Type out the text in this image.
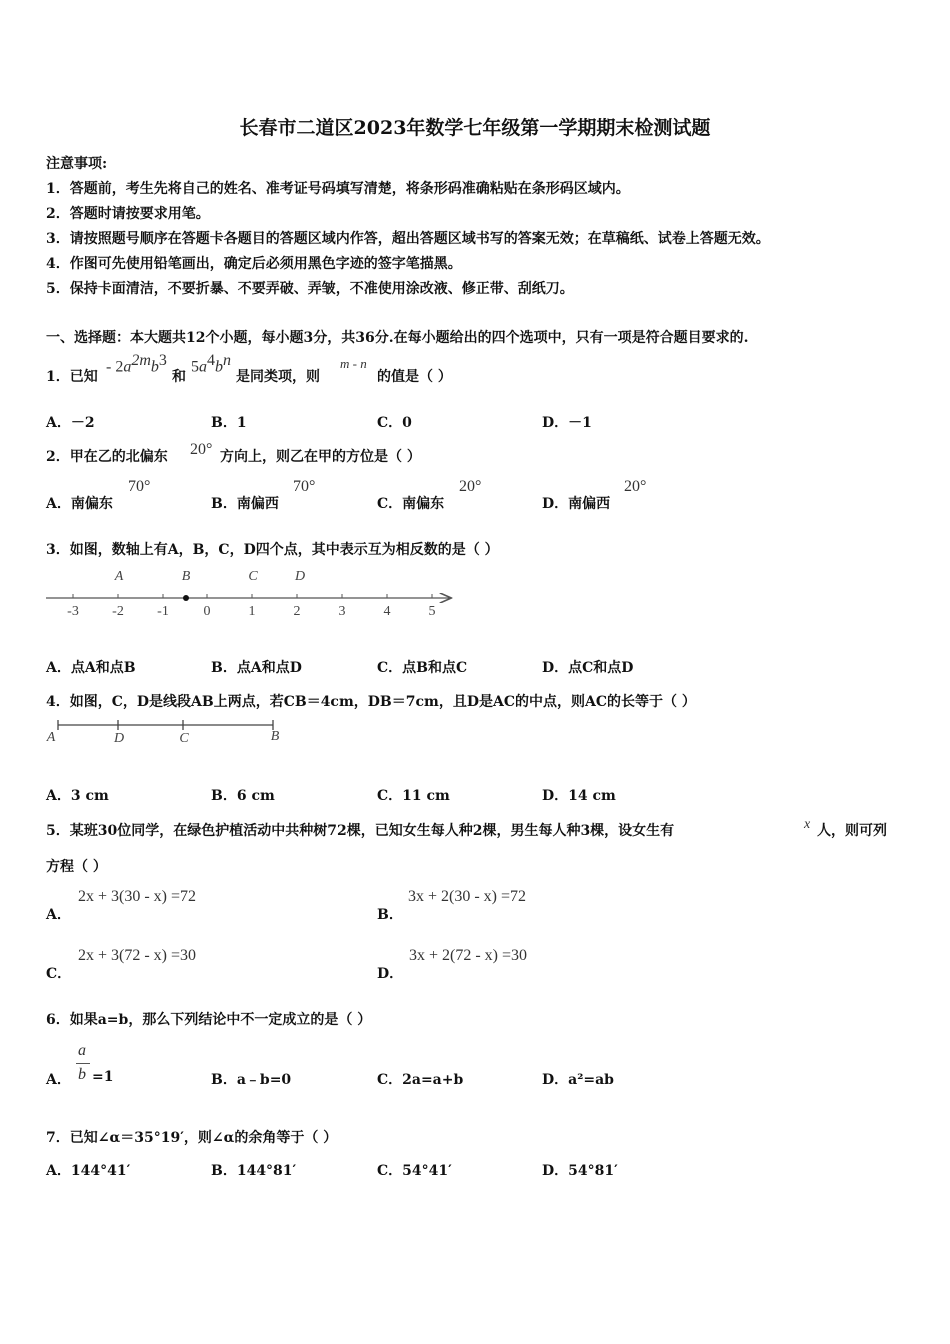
长春市二道区2023年数学七年级第一学期期末检测试题
注意事项:
1．答题前，考生先将自己的姓名、准考证号码填写清楚，将条形码准确粘贴在条形码区域内。
2．答题时请按要求用笔。
3．请按照题号顺序在答题卡各题目的答题区域内作答，超出答题区域书写的答案无效；在草稿纸、试卷上答题无效。
4．作图可先使用铅笔画出，确定后必须用黑色字迹的签字笔描黑。
5．保持卡面清洁，不要折暴、不要弄破、弄皱，不准使用涂改液、修正带、刮纸刀。
一、选择题：本大题共12个小题，每小题3分，共36分.在每小题给出的四个选项中，只有一项是符合题目要求的.
1．已知
- $2a^{2m}b^3$
和
$5a^4b^n$
是同类项，则
m - n
的值是（ ）
A．－2	B．1	C．0	D．－1
2．甲在乙的北偏东 20° 方向上，则乙在甲的方位是（ ）
A．南偏东
70°
B．南偏西
70°
C．南偏东
20°
D．南偏西
20°
3．如图，数轴上有A，B，C，D四个点，其中表示互为相反数的是（ ）
-3 -2 -1 0	1	2	3	4	5
A	B	C	D
A．点A和点B	B．点A和点D	C．点B和点C	D．点C和点D
4．如图，C，D是线段AB上两点，若CB＝4cm，DB＝7cm，且D是AC的中点，则AC的长等于（ ）
A	D	C	B
A．3 cm	B．6 cm	C．11 cm	D．14 cm
5．某班30位同学，在绿色护植活动中共种树72棵，已知女生每人种2棵，男生每人种3棵，设女生有	x 人，则可列
方程（ ）
A．
2x + 3(30 - x) =72
B．
3x + 2(30 - x) =72
C．
2x + 3(72 - x) =30
D．
3x + 2(72 - x) =30
6．如果a=b，那么下列结论中不一定成立的是（ ）
A．
a
b =1	B．a﹣b=0	C．2a=a+b	D．a²=ab
7．已知∠α＝35°19′，则∠α的余角等于（ ）
A．144°41′	B．144°81′	C．54°41′	D．54°81′
